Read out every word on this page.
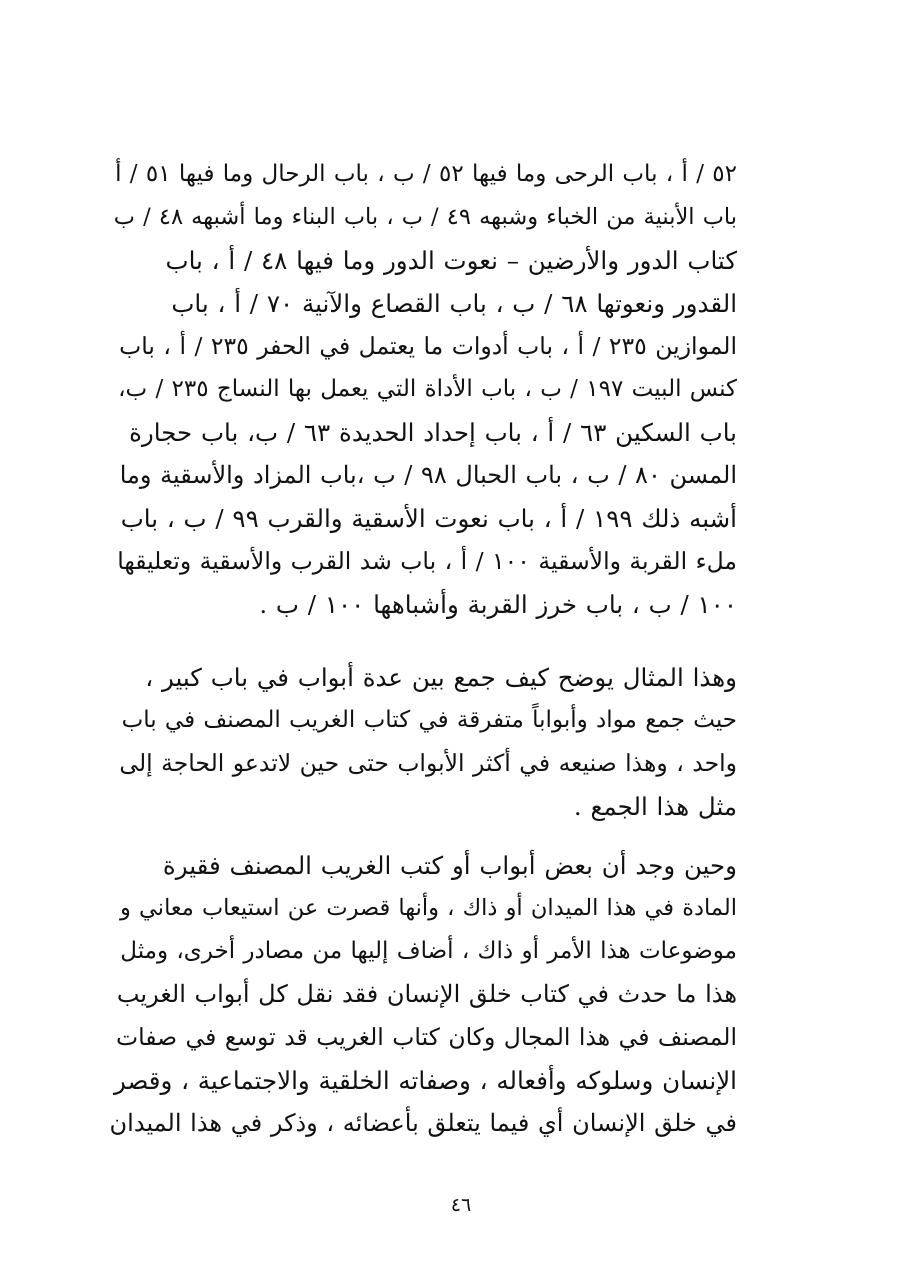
٥٢ / أ ، باب الرحى وما فيها ٥٢ / ب ، باب الرحال وما فيها ٥١ / أ
باب الأبنية من الخباء وشبهه ٤٩ / ب ، باب البناء وما أشبهه ٤٨ / ب
كتاب الدور والأرضين – نعوت الدور وما فيها ٤٨ / أ ، باب
القدور ونعوتها ٦٨ / ب ، باب القصاع والآنية ٧٠ / أ ، باب
الموازين ٢٣٥ / أ ، باب أدوات ما يعتمل في الحفر ٢٣٥ / أ ، باب
كنس البيت ١٩٧ / ب ، باب الأداة التي يعمل بها النساج ٢٣٥ / ب،
باب السكين ٦٣ / أ ، باب إحداد الحديدة ٦٣ / ب، باب حجارة
المسن ٨٠ / ب ، باب الحبال ٩٨ / ب ،باب المزاد والأسقية وما
أشبه ذلك ١٩٩ / أ ، باب نعوت الأسقية والقرب ٩٩ / ب ، باب
ملء القربة والأسقية ١٠٠ / أ ، باب شد القرب والأسقية وتعليقها
١٠٠ / ب ، باب خرز القربة وأشباهها ١٠٠ / ب .
وهذا المثال يوضح كيف جمع بين عدة أبواب في باب كبير ،
حيث جمع مواد وأبواباً متفرقة في كتاب الغريب المصنف في باب
واحد ، وهذا صنيعه في أكثر الأبواب حتى حين لاتدعو الحاجة إلى
مثل هذا الجمع .
وحين وجد أن بعض أبواب أو كتب الغريب المصنف فقيرة
المادة في هذا الميدان أو ذاك ، وأنها قصرت عن استيعاب معاني و
موضوعات هذا الأمر أو ذاك ، أضاف إليها من مصادر أخرى، ومثل
هذا ما حدث في كتاب خلق الإنسان فقد نقل كل أبواب الغريب
المصنف في هذا المجال وكان كتاب الغريب قد توسع في صفات
الإنسان وسلوكه وأفعاله ، وصفاته الخلقية والاجتماعية ، وقصر
في خلق الإنسان أي فيما يتعلق بأعضائه ، وذكر في هذا الميدان
٤٦
